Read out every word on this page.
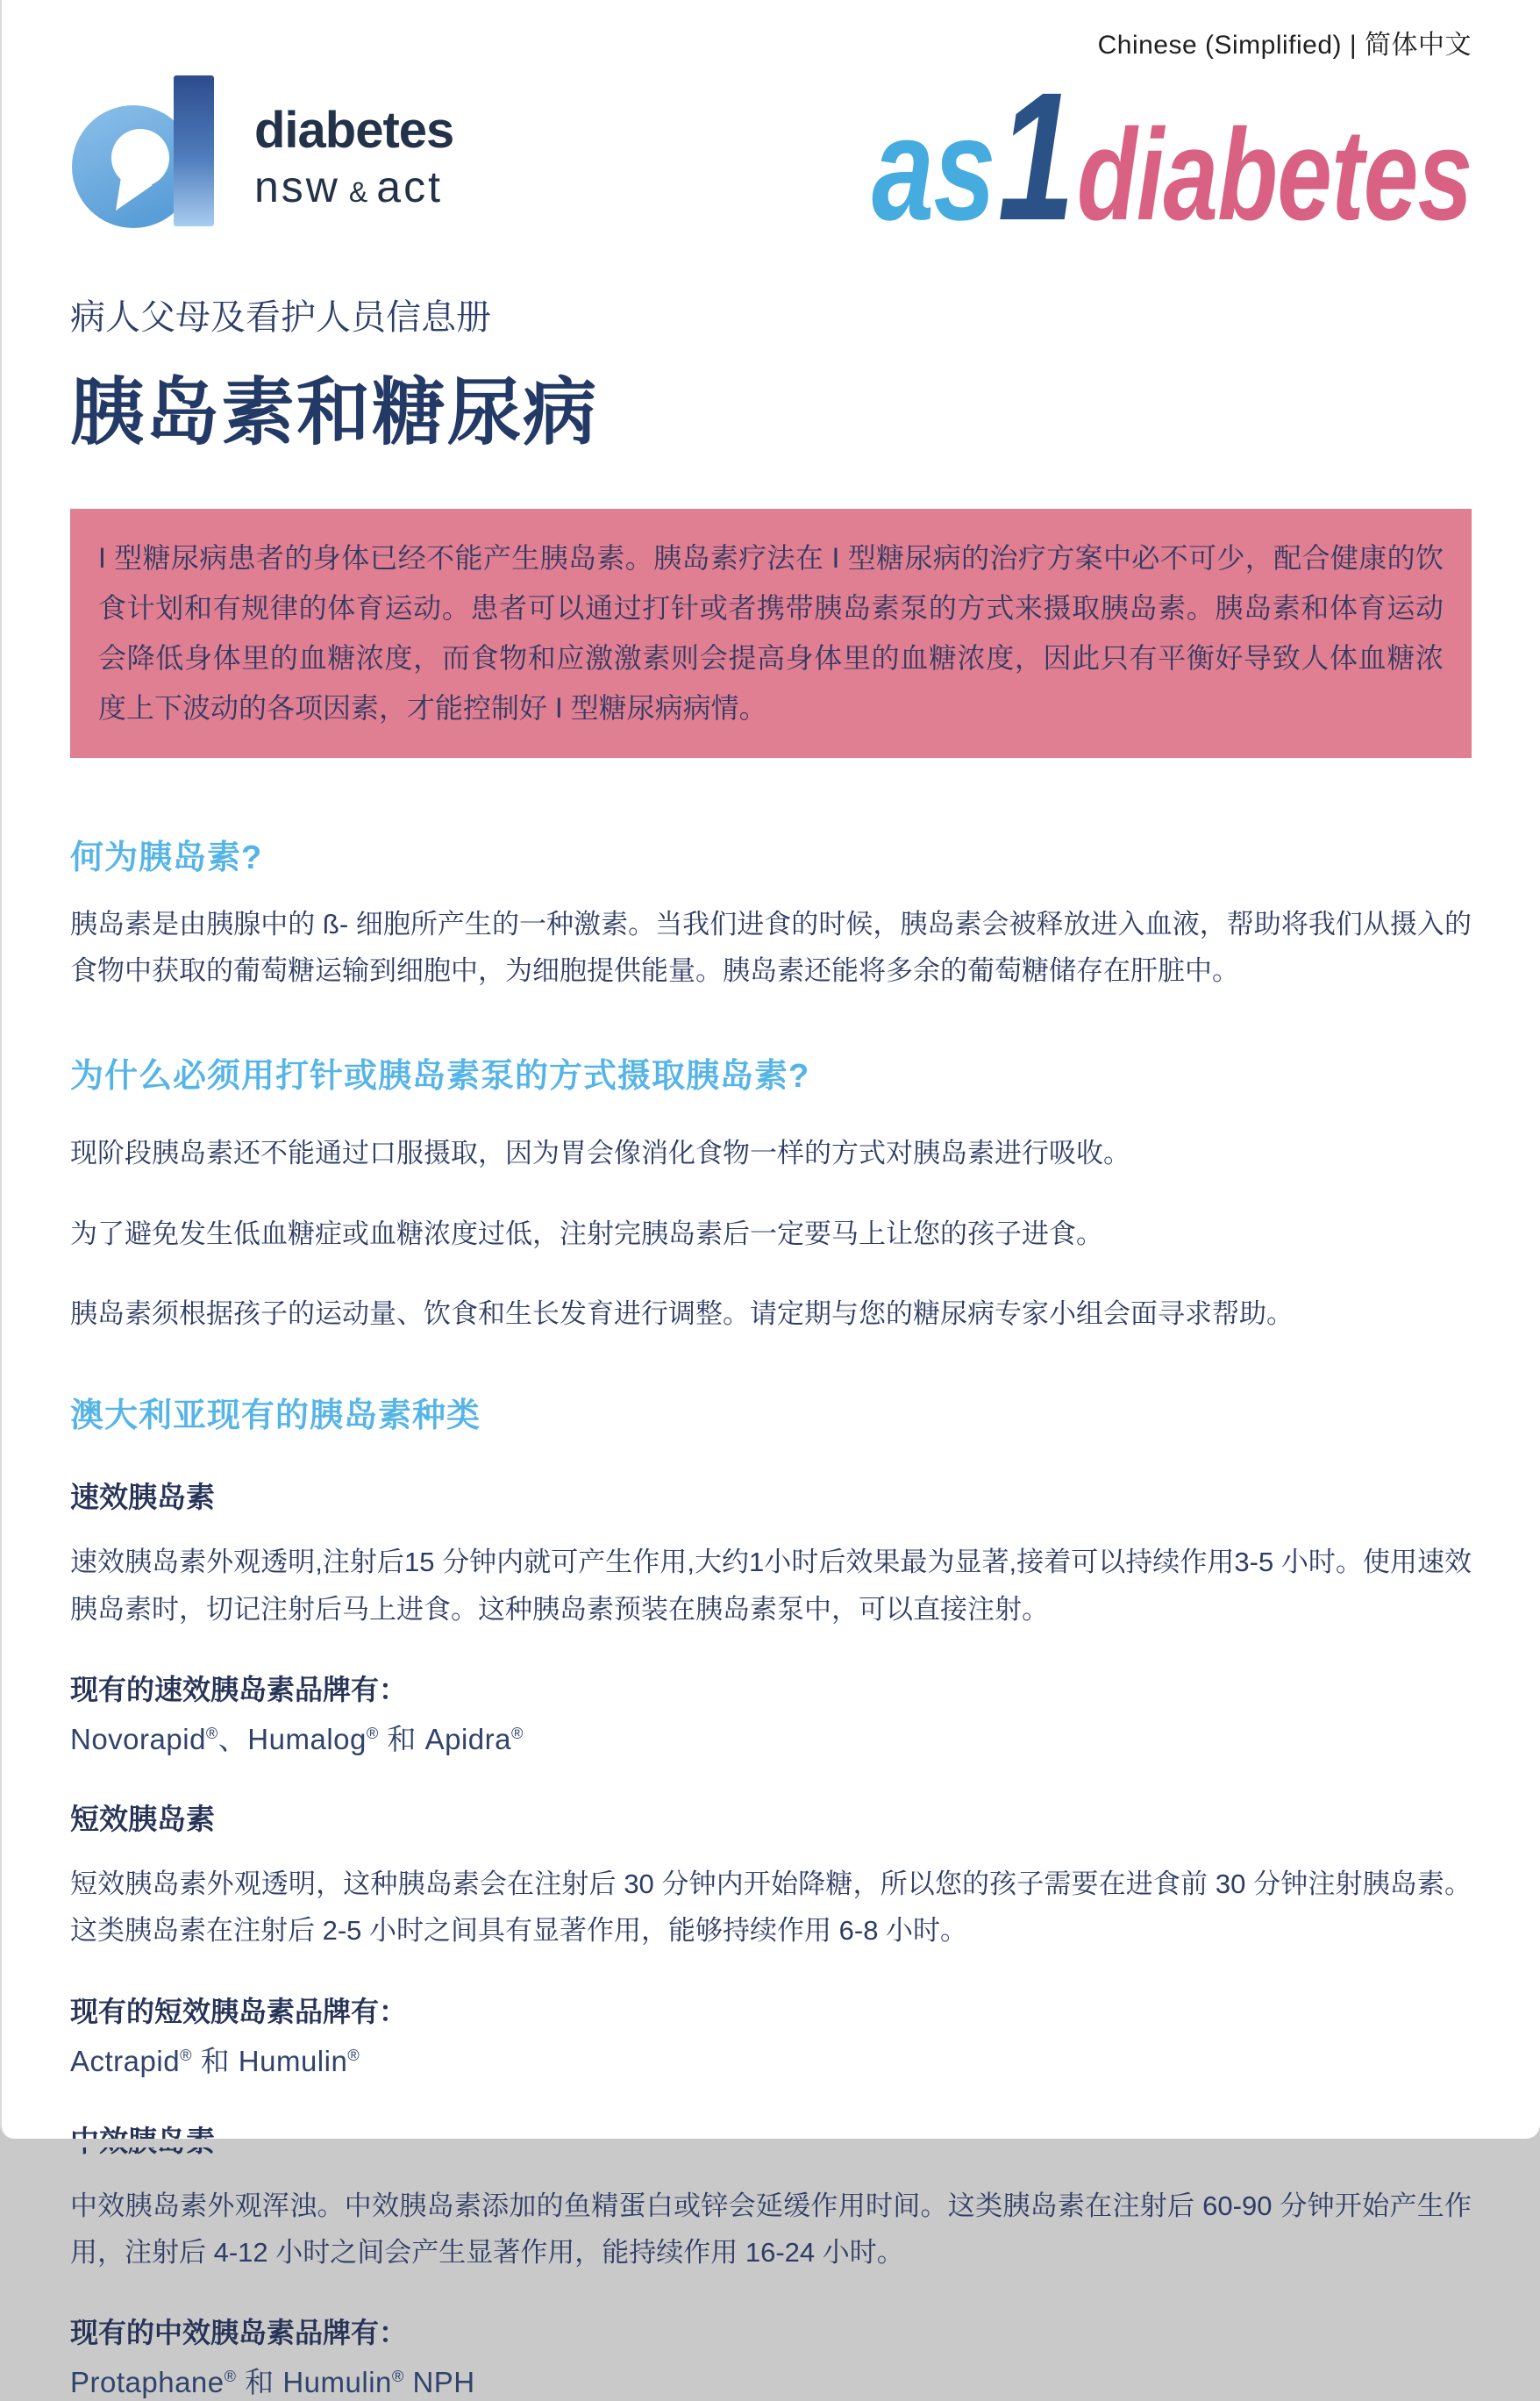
Chinese (Simplified) | 简体中文
diabetes
nsw & act	as 1 diabetes
病人父母及看护人员信息册
胰岛素和糖尿病
I 型糖尿病患者的身体已经不能产生胰岛素。胰岛素疗法在 I 型糖尿病的治疗方案中必不可少，配合健康的饮食计划和有规律的体育运动。患者可以通过打针或者携带胰岛素泵的方式来摄取胰岛素。胰岛素和体育运动会降低身体里的血糖浓度，而食物和应激激素则会提高身体里的血糖浓度，因此只有平衡好导致人体血糖浓度上下波动的各项因素，才能控制好 I 型糖尿病病情。
何为胰岛素?

胰岛素是由胰腺中的 ß- 细胞所产生的一种激素。当我们进食的时候，胰岛素会被释放进入血液，帮助将我们从摄入的食物中获取的葡萄糖运输到细胞中，为细胞提供能量。胰岛素还能将多余的葡萄糖储存在肝脏中。

为什么必须用打针或胰岛素泵的方式摄取胰岛素?

现阶段胰岛素还不能通过口服摄取，因为胃会像消化食物一样的方式对胰岛素进行吸收。

为了避免发生低血糖症或血糖浓度过低，注射完胰岛素后一定要马上让您的孩子进食。

胰岛素须根据孩子的运动量、饮食和生长发育进行调整。请定期与您的糖尿病专家小组会面寻求帮助。

澳大利亚现有的胰岛素种类
速效胰岛素

速效胰岛素外观透明,注射后15 分钟内就可产生作用,大约1小时后效果最为显著,接着可以持续作用3-5 小时。使用速效胰岛素时，切记注射后马上进食。这种胰岛素预装在胰岛素泵中，可以直接注射。

现有的速效胰岛素品牌有：
Novorapid®、Humalog® 和 Apidra®
短效胰岛素

短效胰岛素外观透明，这种胰岛素会在注射后 30 分钟内开始降糖，所以您的孩子需要在进食前 30 分钟注射胰岛素。 这类胰岛素在注射后 2-5 小时之间具有显著作用，能够持续作用 6-8 小时。

现有的短效胰岛素品牌有：
Actrapid® 和 Humulin®

中效胰岛素外观浑浊。中效胰岛素添加的鱼精蛋白或锌会延缓作用时间。这类胰岛素在注射后 60-90 分钟开始产生作用，注射后 4-12 小时之间会产生显著作用，能持续作用 16-24 小时。

现有的中效胰岛素品牌有：
Protaphane® 和 Humulin® NPH
